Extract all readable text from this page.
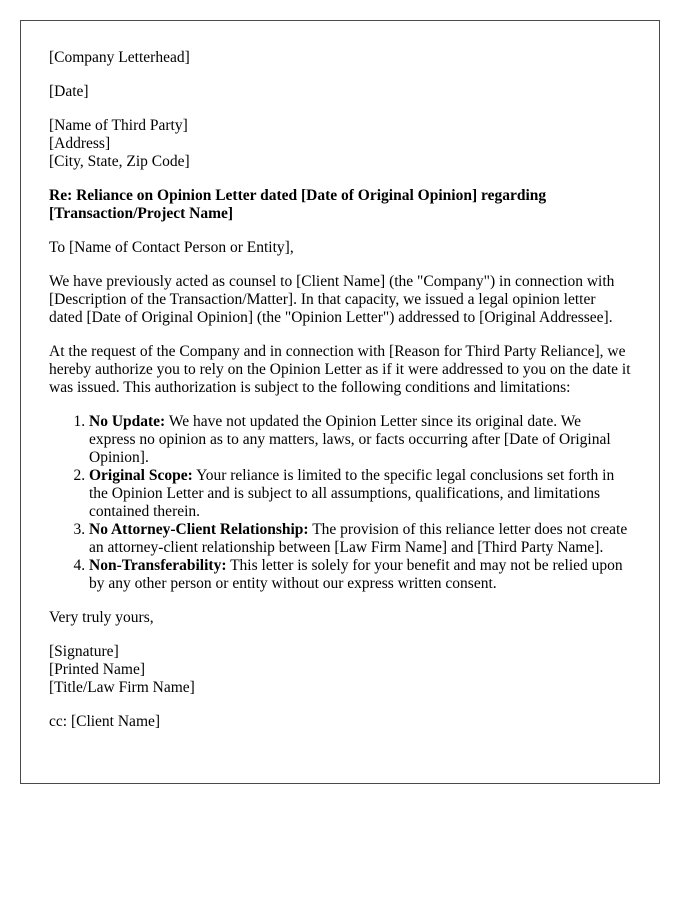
[Company Letterhead]

[Date]

[Name of Third Party]
[Address]
[City, State, Zip Code]

Re: Reliance on Opinion Letter dated [Date of Original Opinion] regarding [Transaction/Project Name]

To [Name of Contact Person or Entity],

We have previously acted as counsel to [Client Name] (the "Company") in connection with [Description of the Transaction/Matter]. In that capacity, we issued a legal opinion letter dated [Date of Original Opinion] (the "Opinion Letter") addressed to [Original Addressee].

At the request of the Company and in connection with [Reason for Third Party Reliance], we hereby authorize you to rely on the Opinion Letter as if it were addressed to you on the date it was issued. This authorization is subject to the following conditions and limitations:

1. No Update: We have not updated the Opinion Letter since its original date. We express no opinion as to any matters, laws, or facts occurring after [Date of Original Opinion].
2. Original Scope: Your reliance is limited to the specific legal conclusions set forth in the Opinion Letter and is subject to all assumptions, qualifications, and limitations contained therein.
3. No Attorney-Client Relationship: The provision of this reliance letter does not create an attorney-client relationship between [Law Firm Name] and [Third Party Name].
4. Non-Transferability: This letter is solely for your benefit and may not be relied upon by any other person or entity without our express written consent.

Very truly yours,

[Signature]
[Printed Name]
[Title/Law Firm Name]

cc: [Client Name]
